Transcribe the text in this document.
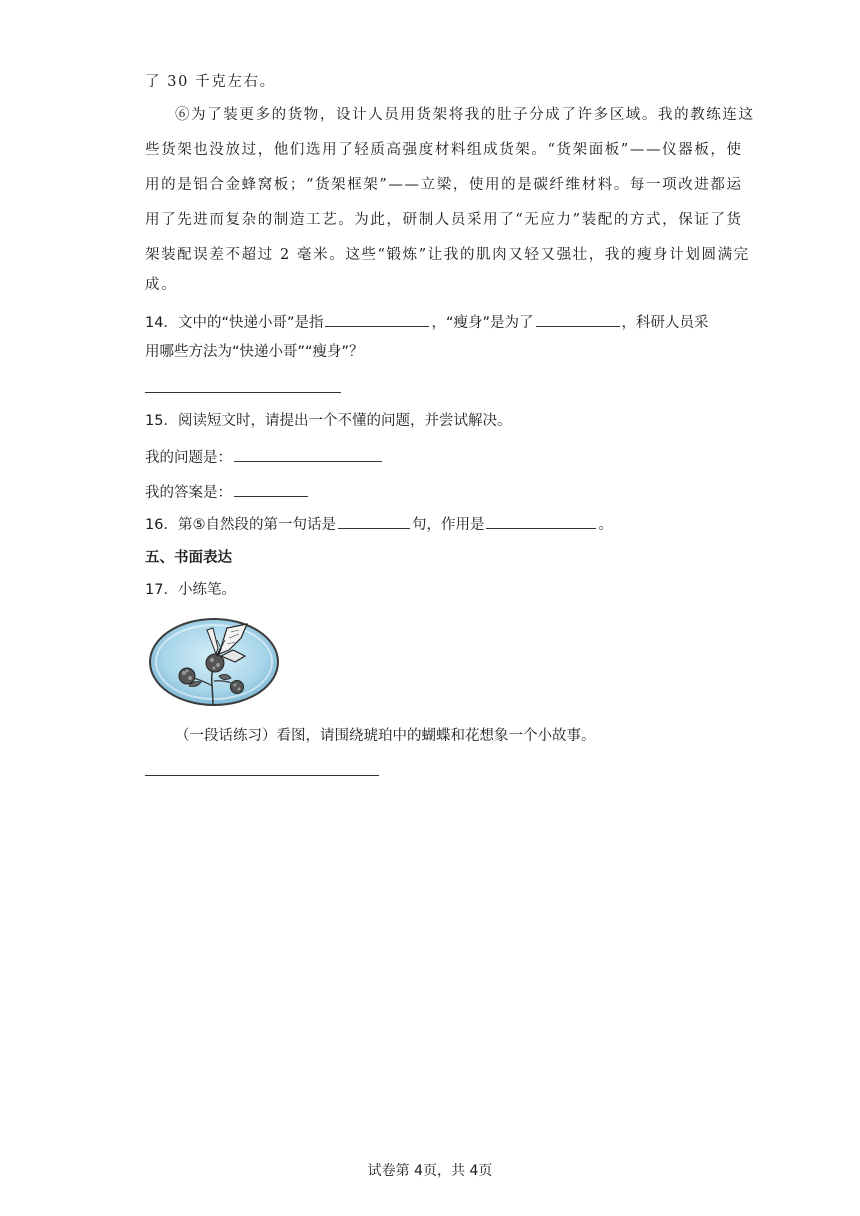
了 30 千克左右。
⑥为了装更多的货物，设计人员用货架将我的肚子分成了许多区域。我的教练连这
些货架也没放过，他们选用了轻质高强度材料组成货架。“货架面板”——仪器板，使
用的是铝合金蜂窝板；“货架框架”——立梁，使用的是碳纤维材料。每一项改进都运
用了先进而复杂的制造工艺。为此，研制人员采用了“无应力”装配的方式，保证了货
架装配误差不超过 2 毫米。这些“锻炼”让我的肌肉又轻又强壮，我的瘦身计划圆满完
成。
14．文中的“快递小哥”是指	，“瘦身”是为了	，科研人员采
用哪些方法为“快递小哥”“瘦身”？
15．阅读短文时，请提出一个不懂的问题，并尝试解决。
我的问题是：
我的答案是：
16．第⑤自然段的第一句话是	句，作用是	。
五、书面表达
17．小练笔。
（一段话练习）看图，请围绕琥珀中的蝴蝶和花想象一个小故事。
试卷第 4页，共 4页
